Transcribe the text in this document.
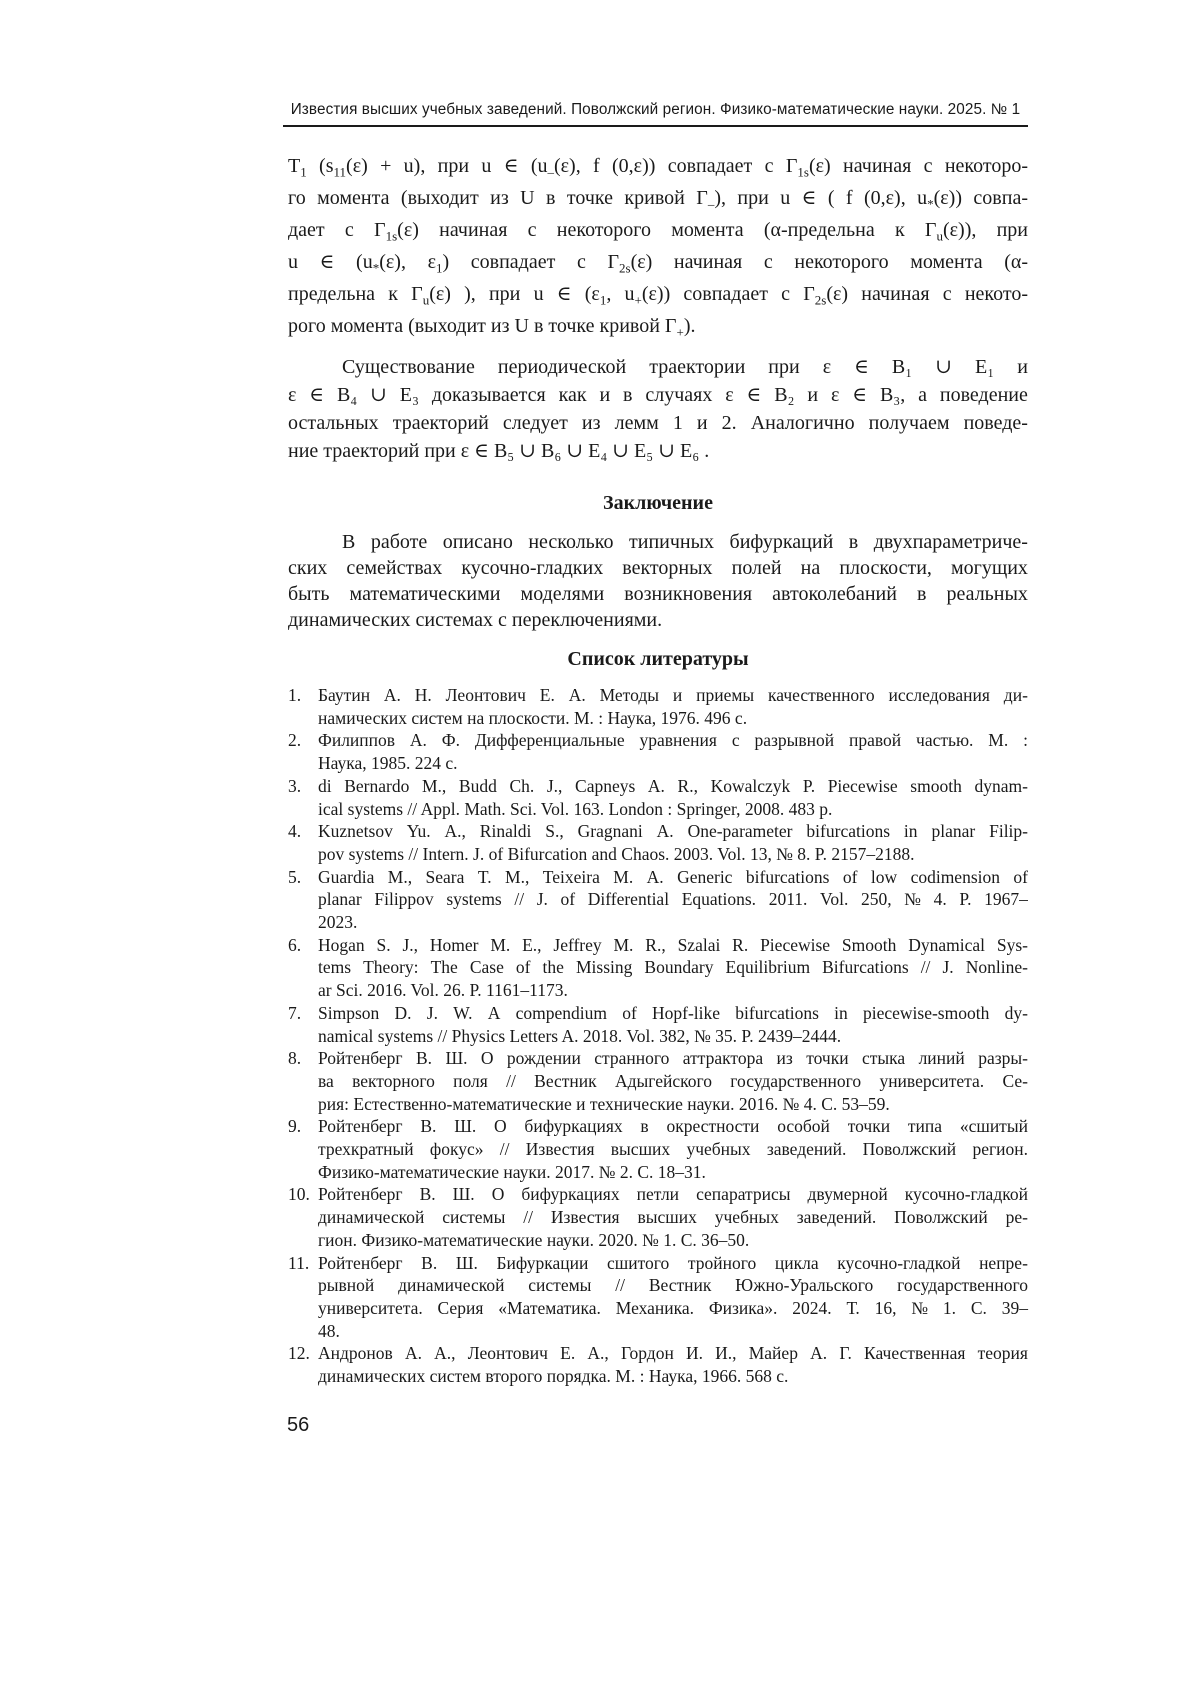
Известия высших учебных заведений. Поволжский регион. Физико-математические науки. 2025. № 1
$T_1$ $(s_{11}(\varepsilon) + u)$, при u ∈ ($u_-(\varepsilon)$, f (0,ε)) совпадает с $\Gamma_{1s}(\varepsilon)$ начиная с некоторо-
го момента (выходит из U в точке кривой $\Gamma_-$), при u ∈ ( f (0,ε), $u_*(\varepsilon)$) совпа-
дает с $\Gamma_{1s}(\varepsilon)$ начиная с некоторого момента (α-предельна к $\Gamma_u(\varepsilon)$), при
u ∈ ($u_*(\varepsilon)$, $\varepsilon_1$) совпадает с $\Gamma_{2s}(\varepsilon)$ начиная с некоторого момента (α-
предельна к $\Gamma_u(\varepsilon)$ ), при u ∈ ($\varepsilon_1$, $u_+(\varepsilon)$) совпадает с $\Gamma_{2s}(\varepsilon)$ начиная с некото-
рого момента (выходит из U в точке кривой $\Gamma_+$).
Существование периодической траектории при ε ∈ B₁ ∪ E₁ и
ε ∈ B₄ ∪ E₃ доказывается как и в случаях ε ∈ B₂ и ε ∈ B₃, а поведение
остальных траекторий следует из лемм 1 и 2. Аналогично получаем поведе-
ние траекторий при ε ∈ B₅ ∪ B₆ ∪ E₄ ∪ E₅ ∪ E₆ .
Заключение
В работе описано несколько типичных бифуркаций в двухпараметриче-
ских семействах кусочно-гладких векторных полей на плоскости, могущих
быть математическими моделями возникновения автоколебаний в реальных
динамических системах с переключениями.
Список литературы
1. Баутин А. Н. Леонтович Е. А. Методы и приемы качественного исследования ди-
намических систем на плоскости. М. : Наука, 1976. 496 с.
2. Филиппов А. Ф. Дифференциальные уравнения с разрывной правой частью. М. :
Наука, 1985. 224 с.
3. di Bernardo M., Budd Ch. J., Capneys A. R., Kowalczyk P. Piecewise smooth dynam-
ical systems // Appl. Math. Sci. Vol. 163. London : Springer, 2008. 483 p.
4. Kuznetsov Yu. A., Rinaldi S., Gragnani A. One-parameter bifurcations in planar Filip-
pov systems // Intern. J. of Bifurcation and Chaos. 2003. Vol. 13, № 8. P. 2157–2188.
5. Guardia M., Seara T. M., Teixeira M. A. Generic bifurcations of low codimension of
planar Filippov systems // J. of Differential Equations. 2011. Vol. 250, № 4. P. 1967–
2023.
6. Hogan S. J., Homer M. E., Jeffrey M. R., Szalai R. Piecewise Smooth Dynamical Sys-
tems Theory: The Case of the Missing Boundary Equilibrium Bifurcations // J. Nonline-
ar Sci. 2016. Vol. 26. P. 1161–1173.
7. Simpson D. J. W. A compendium of Hopf-like bifurcations in piecewise-smooth dy-
namical systems // Physics Letters A. 2018. Vol. 382, № 35. P. 2439–2444.
8. Ройтенберг В. Ш. О рождении странного аттрактора из точки стыка линий разры-
ва векторного поля // Вестник Адыгейского государственного университета. Се-
рия: Естественно-математические и технические науки. 2016. № 4. С. 53–59.
9. Ройтенберг В. Ш. О бифуркациях в окрестности особой точки типа «сшитый
трехкратный фокус» // Известия высших учебных заведений. Поволжский регион.
Физико-математические науки. 2017. № 2. С. 18–31.
10. Ройтенберг В. Ш. О бифуркациях петли сепаратрисы двумерной кусочно-гладкой
динамической системы // Известия высших учебных заведений. Поволжский ре-
гион. Физико-математические науки. 2020. № 1. С. 36–50.
11. Ройтенберг В. Ш. Бифуркации сшитого тройного цикла кусочно-гладкой непре-
рывной динамической системы // Вестник Южно-Уральского государственного
университета. Серия «Математика. Механика. Физика». 2024. Т. 16, № 1. С. 39–
48.
12. Андронов А. А., Леонтович Е. А., Гордон И. И., Майер А. Г. Качественная теория
динамических систем второго порядка. М. : Наука, 1966. 568 с.
56
